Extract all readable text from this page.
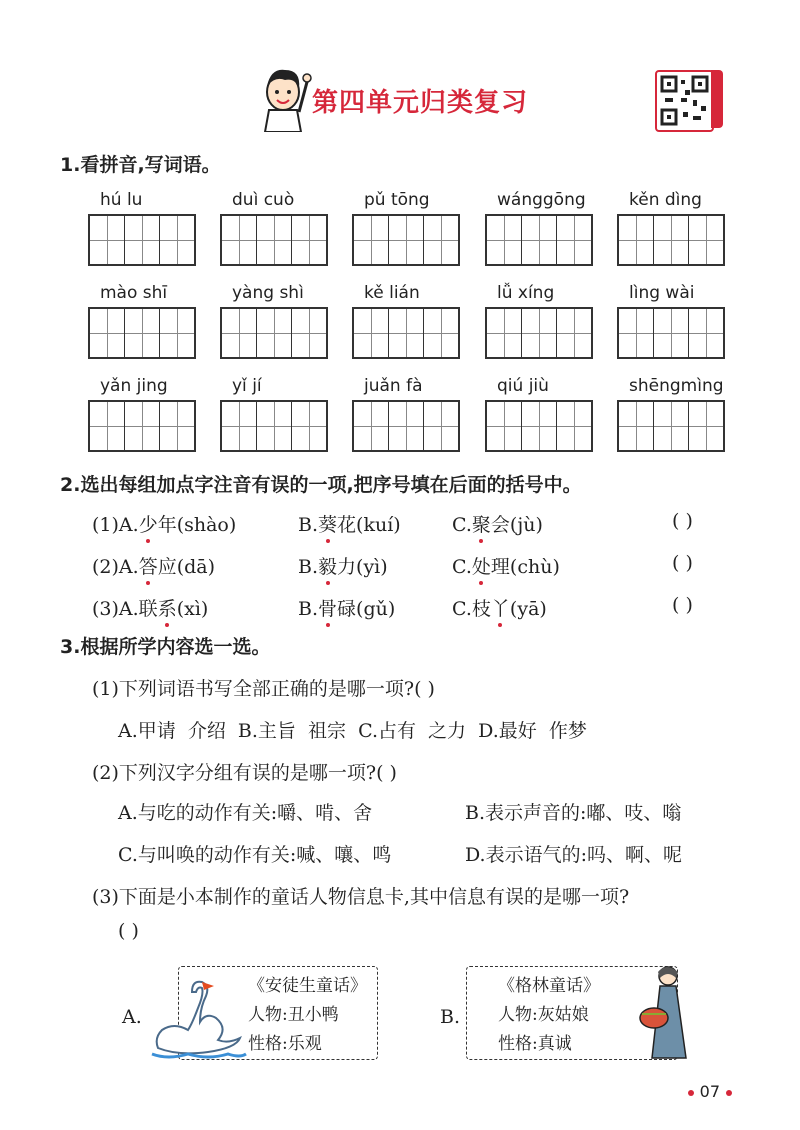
第四单元归类复习
1.看拼音,写词语。
hú lu	duì cuò	pǔ tōng	wánggōng	kěn dìng
mào shī	yàng shì	kě lián	lǚ xíng	lìng wài
yǎn jing	yǐ jí	juǎn fà	qiú jiù	shēngmìng
2.选出每组加点字注音有误的一项,把序号填在后面的括号中。
(1)A.少年(shào)	B.葵花(kuí)	C.聚会(jù)	( )
(2)A.答应(dā)	B.毅力(yì)	C.处理(chù)	( )
(3)A.联系(xì)	B.骨碌(gǔ)	C.枝丫(yā)	( )
3.根据所学内容选一选。
(1)下列词语书写全部正确的是哪一项?( )
A.甲请  介绍  B.主旨  祖宗  C.占有  之力  D.最好  作梦
(2)下列汉字分组有误的是哪一项?( )
A.与吃的动作有关:嚼、啃、舍	B.表示声音的:嘟、吱、嗡
C.与叫唤的动作有关:喊、嚷、鸣	D.表示语气的:吗、啊、呢
(3)下面是小本制作的童话人物信息卡,其中信息有误的是哪一项?
( )
A.
《安徒生童话》
人物:丑小鸭
性格:乐观
B.
《格林童话》
人物:灰姑娘
性格:真诚
07
